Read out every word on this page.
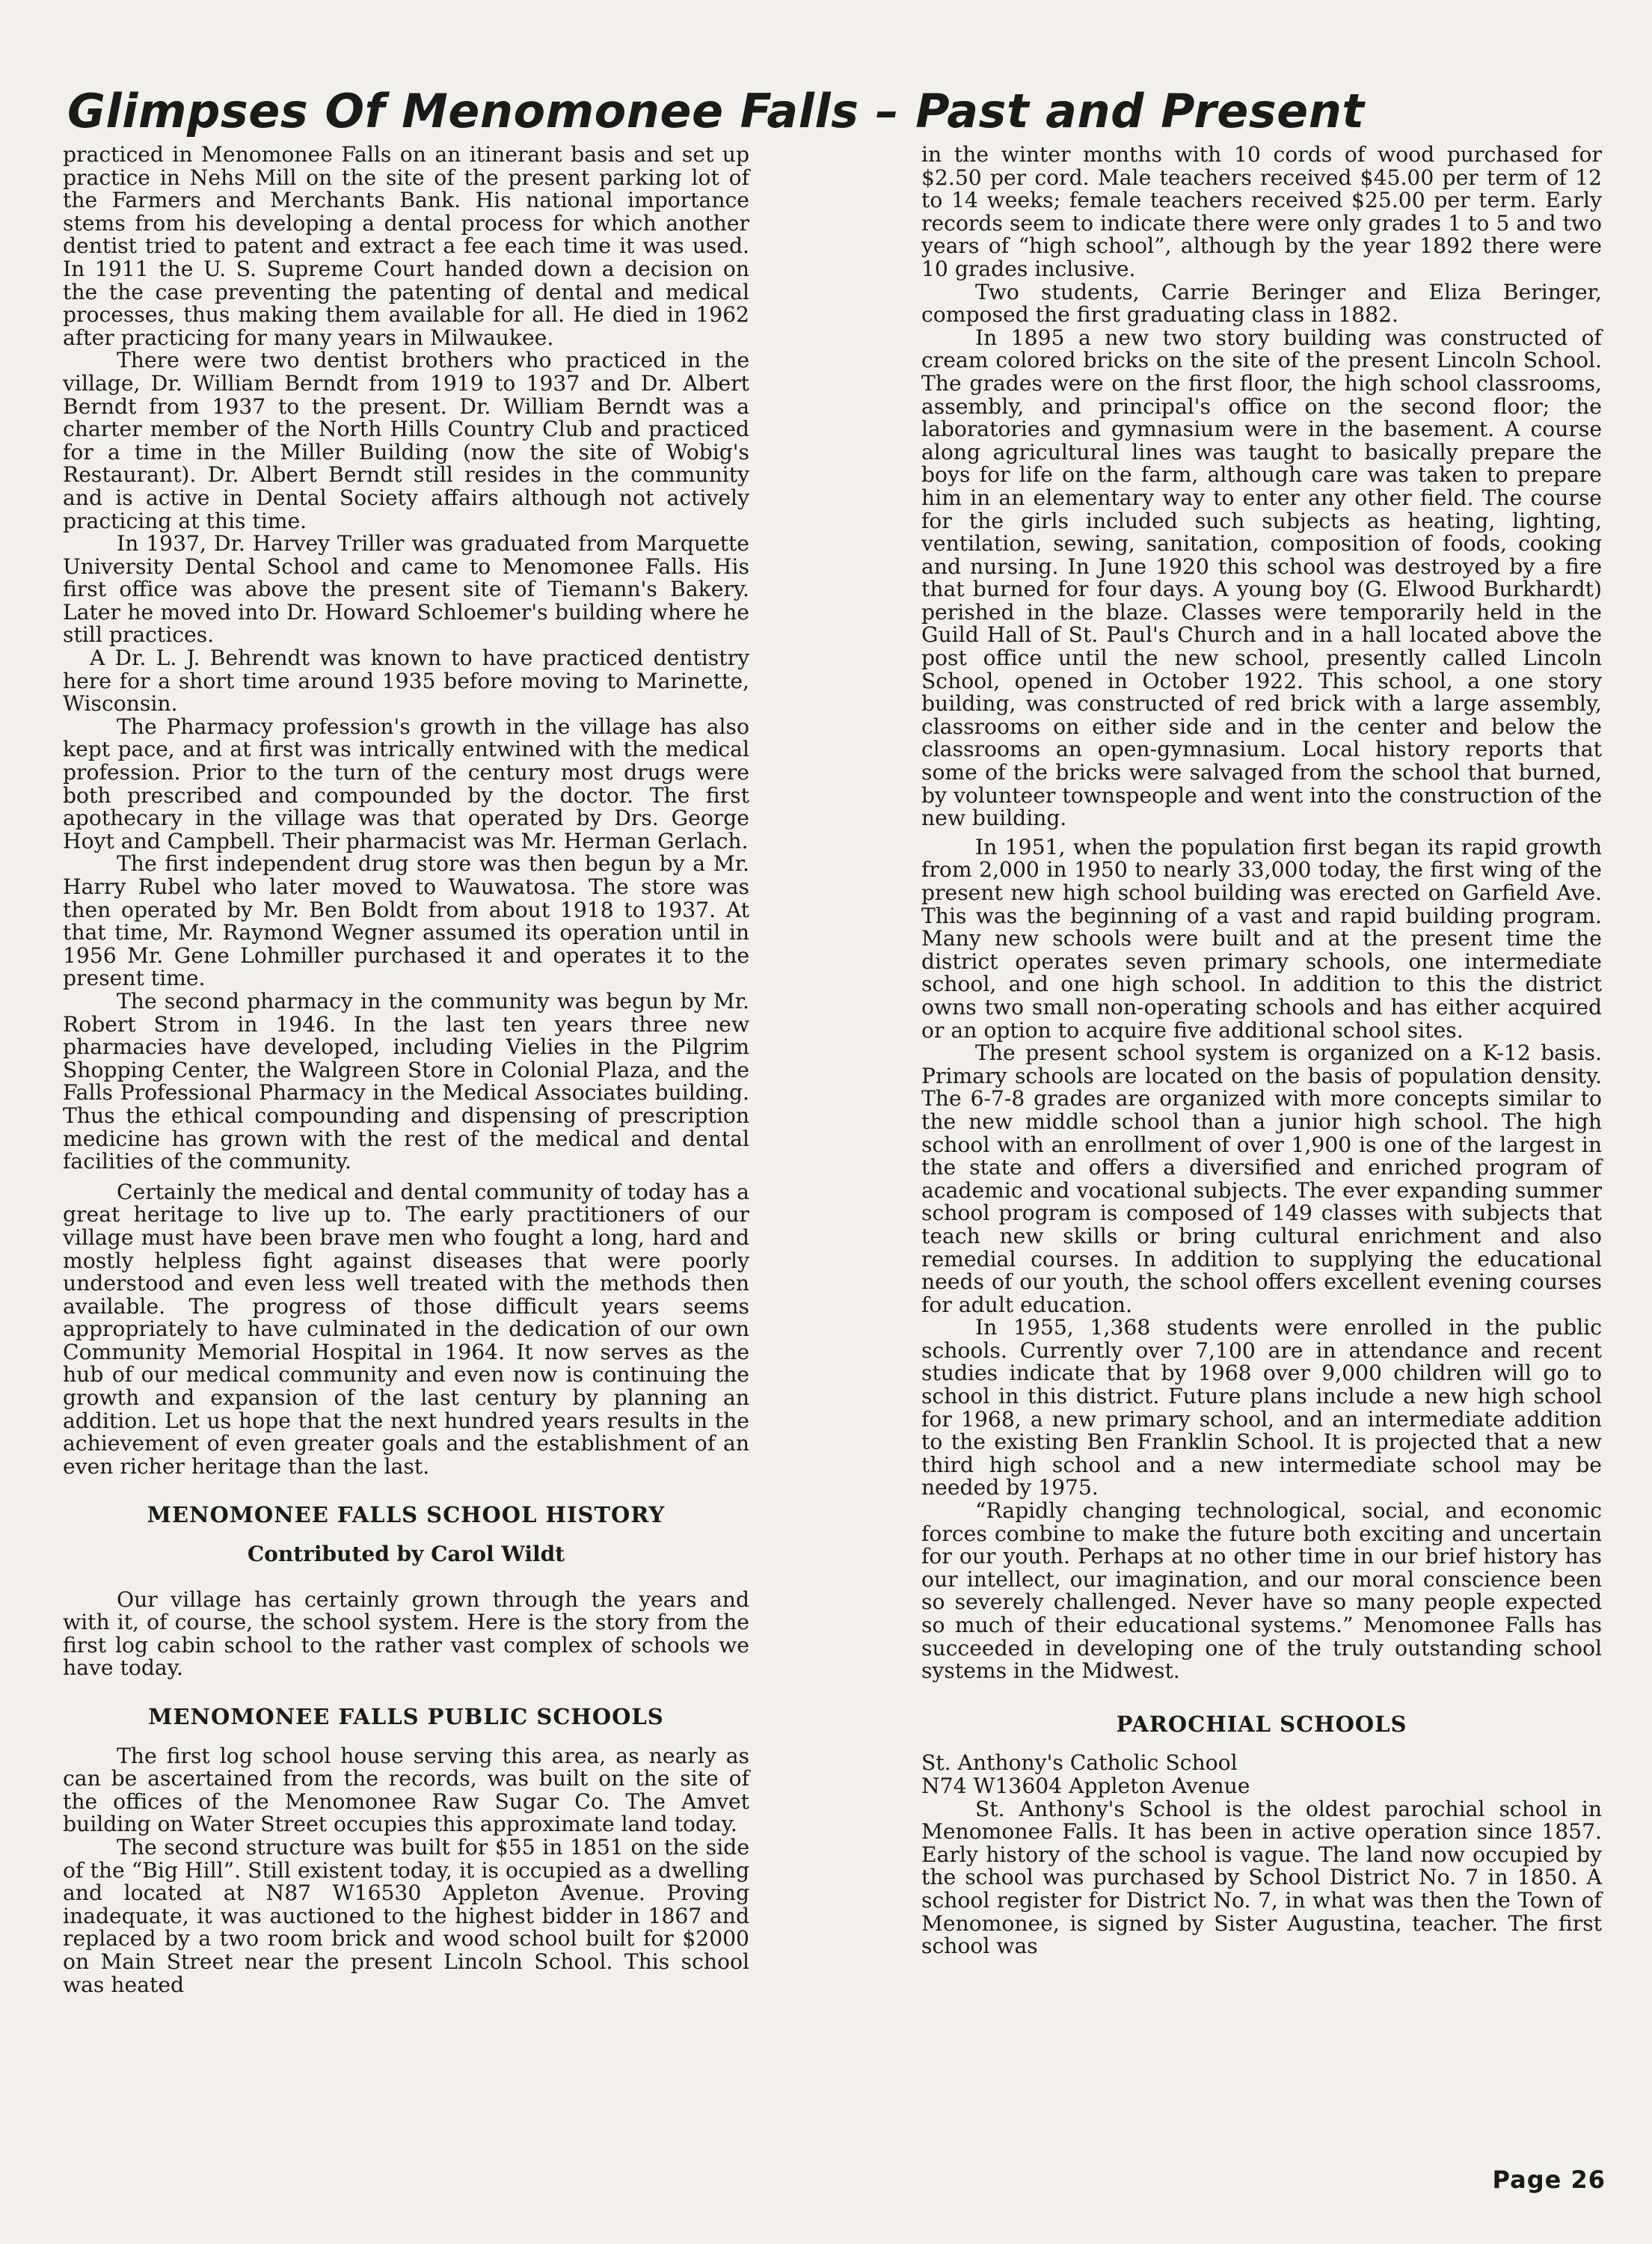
Glimpses Of Menomonee Falls – Past and Present

practiced in Menomonee Falls on an itinerant basis and set up practice in Nehs Mill on the site of the present parking lot of the Farmers and Merchants Bank. His national importance stems from his developing a dental process for which another dentist tried to patent and extract a fee each time it was used. In 1911 the U. S. Supreme Court handed down a decision on the the case preventing the patenting of dental and medical processes, thus making them available for all. He died in 1962 after practicing for many years in Milwaukee.

There were two dentist brothers who practiced in the village, Dr. William Berndt from 1919 to 1937 and Dr. Albert Berndt from 1937 to the present. Dr. William Berndt was a charter member of the North Hills Country Club and practiced for a time in the Miller Building (now the site of Wobig's Restaurant). Dr. Albert Berndt still resides in the community and is active in Dental Society affairs although not actively practicing at this time.

In 1937, Dr. Harvey Triller was graduated from Marquette University Dental School and came to Menomonee Falls. His first office was above the present site of Tiemann's Bakery. Later he moved into Dr. Howard Schloemer's building where he still practices.

A Dr. L. J. Behrendt was known to have practiced dentistry here for a short time around 1935 before moving to Marinette, Wisconsin.

The Pharmacy profession's growth in the village has also kept pace, and at first was intrically entwined with the medical profession. Prior to the turn of the century most drugs were both prescribed and compounded by the doctor. The first apothecary in the village was that operated by Drs. George Hoyt and Campbell. Their pharmacist was Mr. Herman Gerlach.

The first independent drug store was then begun by a Mr. Harry Rubel who later moved to Wauwatosa. The store was then operated by Mr. Ben Boldt from about 1918 to 1937. At that time, Mr. Raymond Wegner assumed its operation until in 1956 Mr. Gene Lohmiller purchased it and operates it to the present time.

The second pharmacy in the community was begun by Mr. Robert Strom in 1946. In the last ten years three new pharmacies have developed, including Vielies in the Pilgrim Shopping Center, the Walgreen Store in Colonial Plaza, and the Falls Professional Pharmacy in the Medical Associates building. Thus the ethical compounding and dispensing of prescription medicine has grown with the rest of the medical and dental facilities of the community.

Certainly the medical and dental community of today has a great heritage to live up to. The early practitioners of our village must have been brave men who fought a long, hard and mostly helpless fight against diseases that were poorly understood and even less well treated with the methods then available. The progress of those difficult years seems appropriately to have culminated in the dedication of our own Community Memorial Hospital in 1964. It now serves as the hub of our medical community and even now is continuing the growth and expansion of the last century by planning an addition. Let us hope that the next hundred years results in the achievement of even greater goals and the establishment of an even richer heritage than the last.

MENOMONEE FALLS SCHOOL HISTORY
Contributed by Carol Wildt

Our village has certainly grown through the years and with it, of course, the school system. Here is the story from the first log cabin school to the rather vast complex of schools we have today.

MENOMONEE FALLS PUBLIC SCHOOLS

The first log school house serving this area, as nearly as can be ascertained from the records, was built on the site of the offices of the Menomonee Raw Sugar Co. The Amvet building on Water Street occupies this approximate land today.

The second structure was built for $55 in 1851 on the side of the “Big Hill”. Still existent today, it is occupied as a dwelling and located at N87 W16530 Appleton Avenue. Proving inadequate, it was auctioned to the highest bidder in 1867 and replaced by a two room brick and wood school built for $2000 on Main Street near the present Lincoln School. This school was heated

in the winter months with 10 cords of wood purchased for $2.50 per cord. Male teachers received $45.00 per term of 12 to 14 weeks; female teachers received $25.00 per term. Early records seem to indicate there were only grades 1 to 5 and two years of “high school”, although by the year 1892 there were 10 grades inclusive.

Two students, Carrie Beringer and Eliza Beringer, composed the first graduating class in 1882.

In 1895 a new two story building was constructed of cream colored bricks on the site of the present Lincoln School. The grades were on the first floor, the high school classrooms, assembly, and principal's office on the second floor; the laboratories and gymnasium were in the basement. A course along agricultural lines was taught to basically prepare the boys for life on the farm, although care was taken to prepare him in an elementary way to enter any other field. The course for the girls included such subjects as heating, lighting, ventilation, sewing, sanitation, composition of foods, cooking and nursing. In June 1920 this school was destroyed by a fire that burned for four days. A young boy (G. Elwood Burkhardt) perished in the blaze. Classes were temporarily held in the Guild Hall of St. Paul's Church and in a hall located above the post office until the new school, presently called Lincoln School, opened in October 1922. This school, a one story building, was constructed of red brick with a large assembly, classrooms on either side and in the center and below the classrooms an open-gymnasium. Local history reports that some of the bricks were salvaged from the school that burned, by volunteer townspeople and went into the construction of the new building.

In 1951, when the population first began its rapid growth from 2,000 in 1950 to nearly 33,000 today, the first wing of the present new high school building was erected on Garfield Ave. This was the beginning of a vast and rapid building program. Many new schools were built and at the present time the district operates seven primary schools, one intermediate school, and one high school. In addition to this the district owns two small non-operating schools and has either acquired or an option to acquire five additional school sites.

The present school system is organized on a K-12 basis. Primary schools are located on the basis of population density. The 6-7-8 grades are organized with more concepts similar to the new middle school than a junior high school. The high school with an enrollment of over 1,900 is one of the largest in the state and offers a diversified and enriched program of academic and vocational subjects. The ever expanding summer school program is composed of 149 classes with subjects that teach new skills or bring cultural enrichment and also remedial courses. In addition to supplying the educational needs of our youth, the school offers excellent evening courses for adult education.

In 1955, 1,368 students were enrolled in the public schools. Currently over 7,100 are in attendance and recent studies indicate that by 1968 over 9,000 children will go to school in this district. Future plans include a new high school for 1968, a new primary school, and an intermediate addition to the existing Ben Franklin School. It is projected that a new third high school and a new intermediate school may be needed by 1975.

“Rapidly changing technological, social, and economic forces combine to make the future both exciting and uncertain for our youth. Perhaps at no other time in our brief history has our intellect, our imagination, and our moral conscience been so severely challenged. Never have so many people expected so much of their educational systems.” Menomonee Falls has succeeded in developing one of the truly outstanding school systems in the Midwest.

PAROCHIAL SCHOOLS

St. Anthony's Catholic School

N74 W13604 Appleton Avenue

St. Anthony's School is the oldest parochial school in Menomonee Falls. It has been in active operation since 1857. Early history of the school is vague. The land now occupied by the school was purchased by School District No. 7 in 1850. A school register for District No. 7, in what was then the Town of Menomonee, is signed by Sister Augustina, teacher. The first school was

Page 26
